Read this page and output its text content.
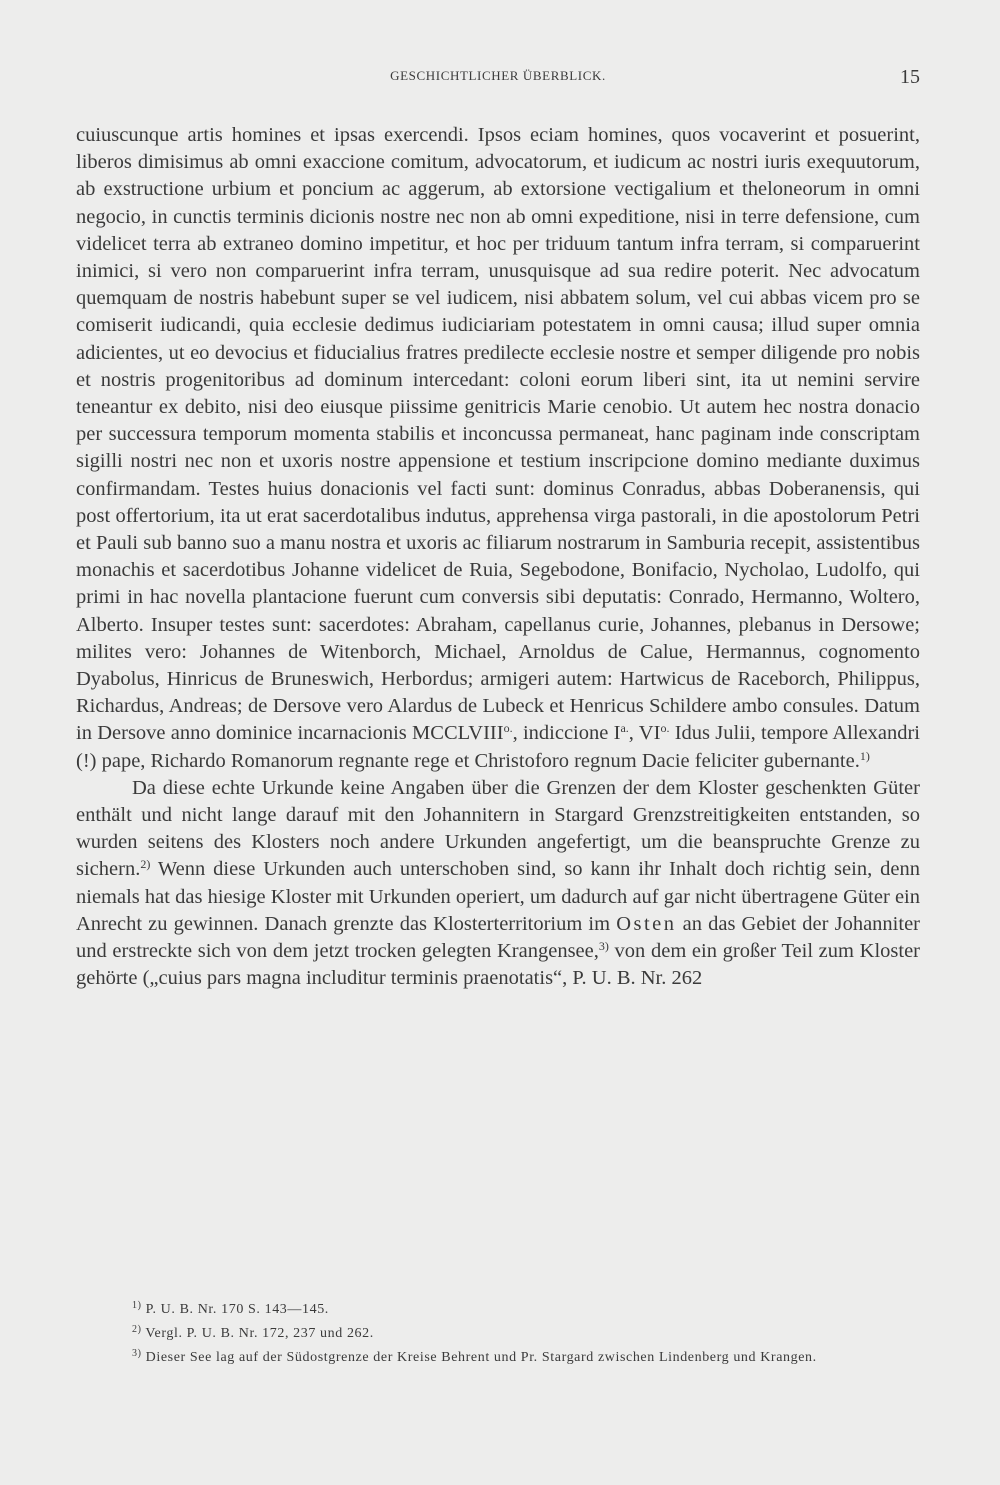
GESCHICHTLICHER ÜBERBLICK.	15

cuiuscunque artis homines et ipsas exercendi. Ipsos eciam homines, quos vocaverint et posuerint, liberos dimisimus ab omni exaccione comitum, advocatorum, et iudicum ac nostri iuris exequutorum, ab exstructione urbium et poncium ac aggerum, ab extorsione vectigalium et theloneorum in omni negocio, in cunctis terminis dicionis nostre nec non ab omni expeditione, nisi in terre defensione, cum videlicet terra ab extraneo domino impetitur, et hoc per triduum tantum infra terram, si comparuerint inimici, si vero non comparuerint infra terram, unusquisque ad sua redire poterit. Nec advocatum quemquam de nostris habebunt super se vel iudicem, nisi abbatem solum, vel cui abbas vicem pro se comiserit iudicandi, quia ecclesie dedimus iudiciariam potestatem in omni causa; illud super omnia adicientes, ut eo devocius et fiducialius fratres predilecte ecclesie nostre et semper diligende pro nobis et nostris progenitoribus ad dominum intercedant: coloni eorum liberi sint, ita ut nemini servire teneantur ex debito, nisi deo eiusque piissime genitricis Marie cenobio. Ut autem hec nostra donacio per successura temporum momenta stabilis et inconcussa permaneat, hanc paginam inde conscriptam sigilli nostri nec non et uxoris nostre appensione et testium inscripcione domino mediante duximus confirmandam. Testes huius donacionis vel facti sunt: dominus Conradus, abbas Doberanensis, qui post offertorium, ita ut erat sacerdotalibus indutus, apprehensa virga pastorali, in die apostolorum Petri et Pauli sub banno suo a manu nostra et uxoris ac filiarum nostrarum in Samburia recepit, assistentibus monachis et sacerdotibus Johanne videlicet de Ruia, Segebodone, Bonifacio, Nycholao, Ludolfo, qui primi in hac novella plantacione fuerunt cum conversis sibi deputatis: Conrado, Hermanno, Woltero, Alberto. Insuper testes sunt: sacerdotes: Abraham, capellanus curie, Johannes, plebanus in Dersowe; milites vero: Johannes de Witenborch, Michael, Arnoldus de Calue, Hermannus, cognomento Dyabolus, Hinricus de Bruneswich, Herbordus; armigeri autem: Hartwicus de Raceborch, Philippus, Richardus, Andreas; de Dersove vero Alardus de Lubeck et Henricus Schildere ambo consules. Datum in Dersove anno dominice incarnacionis $MCCLVIII^{o.}$, indiccione $I^{a.}$, $VI^{o.}$ Idus Julii, tempore Allexandri (!) pape, Richardo Romanorum regnante rege et Christoforo regnum Dacie feliciter gubernante.$^{1)}$

Da diese echte Urkunde keine Angaben über die Grenzen der dem Kloster geschenkten Güter enthält und nicht lange darauf mit den Johannitern in Stargard Grenzstreitigkeiten entstanden, so wurden seitens des Klosters noch andere Urkunden angefertigt, um die beanspruchte Grenze zu sichern.$^{2)}$ Wenn diese Urkunden auch unterschoben sind, so kann ihr Inhalt doch richtig sein, denn niemals hat das hiesige Kloster mit Urkunden operiert, um dadurch auf gar nicht übertragene Güter ein Anrecht zu gewinnen. Danach grenzte das Klosterterritorium im Osten an das Gebiet der Johanniter und erstreckte sich von dem jetzt trocken gelegten Krangensee,$^{3)}$ von dem ein großer Teil zum Kloster gehörte („cuius pars magna includitur terminis praenotatis“, P. U. B. Nr. 262

$^{1)}$ P. U. B. Nr. 170 S. 143—145.

$^{2)}$ Vergl. P. U. B. Nr. 172, 237 und 262.

$^{3)}$ Dieser See lag auf der Südostgrenze der Kreise Behrent und Pr. Stargard zwischen Lindenberg und Krangen.
